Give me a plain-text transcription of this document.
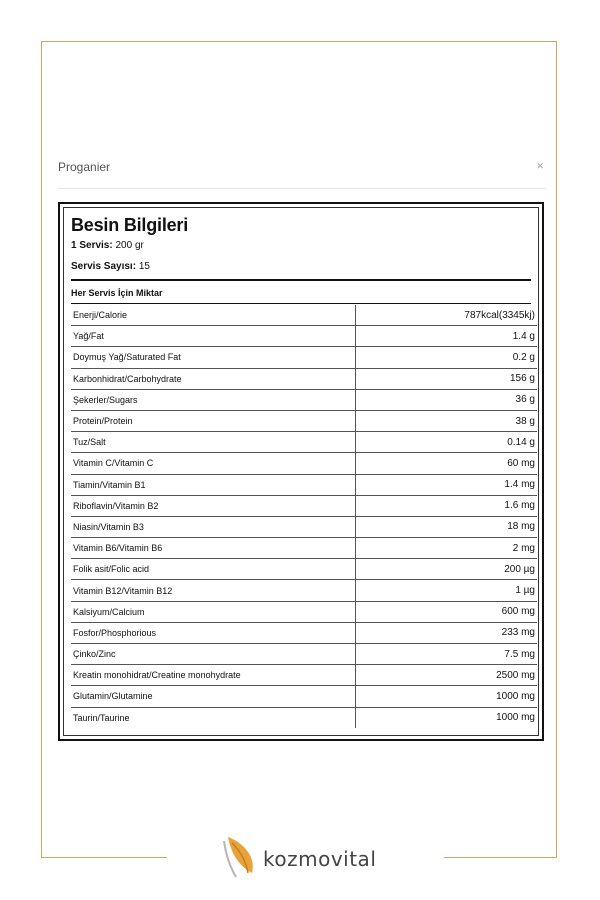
Proganier	×
Besin Bilgileri
1 Servis: 200 gr
Servis Sayısı: 15
Her Servis İçin Miktar
Enerji/Calorie	787kcal(3345kj)
Yağ/Fat	1.4 g
Doymuş Yağ/Saturated Fat	0.2 g
Karbonhidrat/Carbohydrate	156 g
Şekerler/Sugars	36 g
Protein/Protein	38 g
Tuz/Salt	0.14 g
Vitamin C/Vitamin C	60 mg
Tiamin/Vitamin B1	1.4 mg
Riboflavin/Vitamin B2	1.6 mg
Niasin/Vitamin B3	18 mg
Vitamin B6/Vitamin B6	2 mg
Folik asit/Folic acid	200 µg
Vitamin B12/Vitamin B12	1 µg
Kalsiyum/Calcium	600 mg
Fosfor/Phosphorious	233 mg
Çinko/Zinc	7.5 mg
Kreatin monohidrat/Creatine monohydrate	2500 mg
Glutamin/Glutamine	1000 mg
Taurin/Taurine	1000 mg
kozmovital
